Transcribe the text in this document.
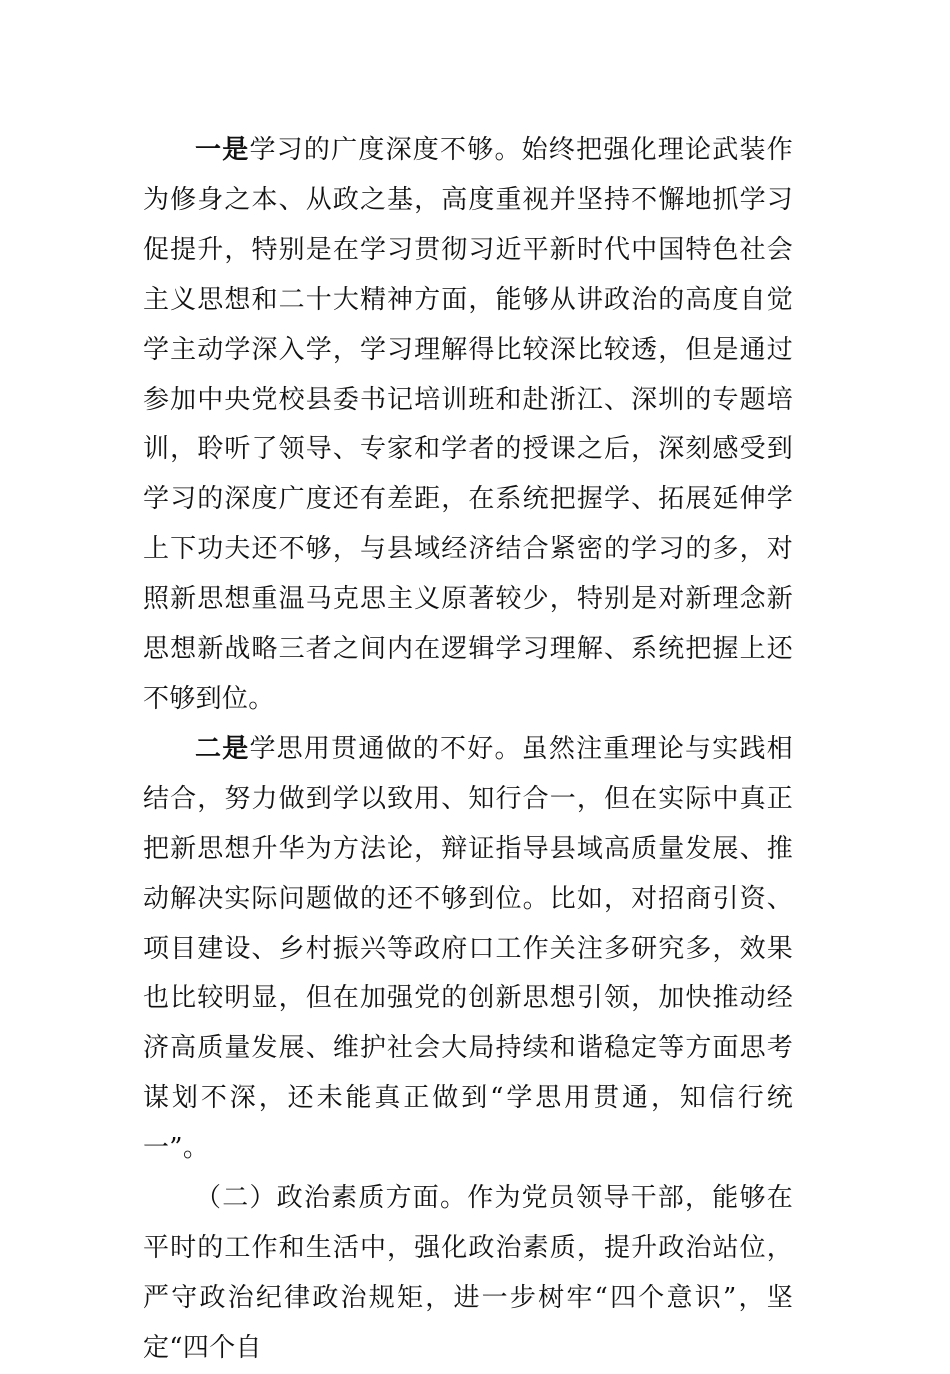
一是学习的广度深度不够。始终把强化理论武装作为修身之本、从政之基，高度重视并坚持不懈地抓学习促提升，特别是在学习贯彻习近平新时代中国特色社会主义思想和二十大精神方面，能够从讲政治的高度自觉学主动学深入学，学习理解得比较深比较透，但是通过参加中央党校县委书记培训班和赴浙江、深圳的专题培训，聆听了领导、专家和学者的授课之后，深刻感受到学习的深度广度还有差距，在系统把握学、拓展延伸学上下功夫还不够，与县域经济结合紧密的学习的多，对照新思想重温马克思主义原著较少，特别是对新理念新思想新战略三者之间内在逻辑学习理解、系统把握上还不够到位。

二是学思用贯通做的不好。虽然注重理论与实践相结合，努力做到学以致用、知行合一，但在实际中真正把新思想升华为方法论，辩证指导县域高质量发展、推动解决实际问题做的还不够到位。比如，对招商引资、项目建设、乡村振兴等政府口工作关注多研究多，效果也比较明显，但在加强党的创新思想引领，加快推动经济高质量发展、维护社会大局持续和谐稳定等方面思考谋划不深，还未能真正做到“学思用贯通，知信行统一”。

（二）政治素质方面。作为党员领导干部，能够在平时的工作和生活中，强化政治素质，提升政治站位，严守政治纪律政治规矩，进一步树牢“四个意识”，坚定“四个自
